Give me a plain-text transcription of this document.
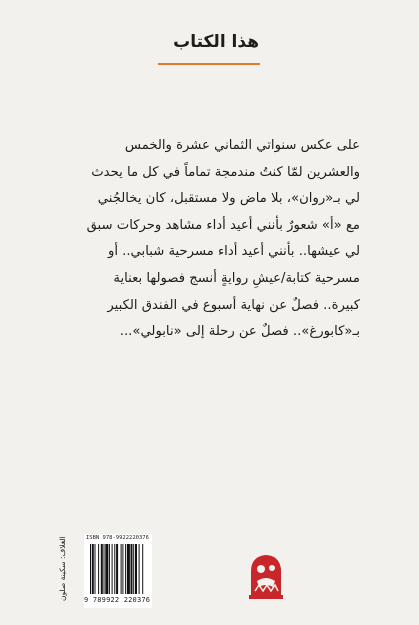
هذا الكتاب

على عكس سنواتي الثماني عشرة والخمس

والعشرين لمّا كنتُ مندمجة تماماً في كل ما يحدث

لي بـ«روان»، بلا ماض ولا مستقبل، كان يخالجُني

مع «أ» شعورٌ بأنني أعيد أداء مشاهد وحركات سبق

لي عيشها.. بأنني أعيد أداء مسرحية شبابي.. أو

مسرحية كتابة/عيشِ روايةٍ أنسج فصولها بعناية

كبيرة.. فصلٌ عن نهاية أسبوع في الفندق الكبير

بـ«كابورغ».. فصلٌ عن رحلة إلى «نابولي»...

الغلاف: سكينة صلون	ISBN 978-9922220376
9 789922 220376
